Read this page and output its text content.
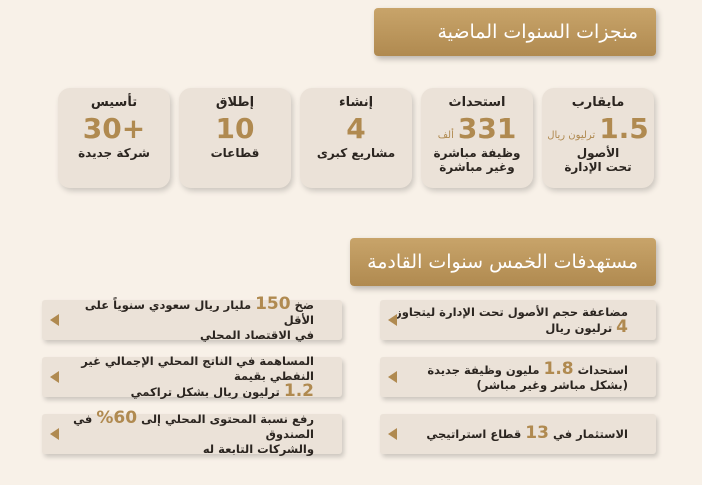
منجزات السنوات الماضية
مايقارب
1.5
ترليون ريال
الأصول
تحت الإدارة
استحداث
331
ألف
وظيفة مباشرة
وغير مباشرة
إنشاء
4
مشاريع كبرى
إطلاق
10
قطاعات
تأسيس
+30
شركة جديدة
مستهدفات الخمس سنوات القادمة
مضاعفة حجم الأصول تحت الإدارة ليتجاوز
4 ترليون ريال
استحداث 1.8 مليون وظيفة جديدة
(بشكل مباشر وغير مباشر)
الاستثمار في 13 قطاع استراتيجي
ضخ 150 مليار ريال سعودي سنوياً على الأقل
في الاقتصاد المحلي
المساهمة في الناتج المحلي الإجمالي غير النفطي بقيمة
1.2 ترليون ريال بشكل تراكمي
رفع نسبة المحتوى المحلي إلى 60% في الصندوق
والشركات التابعة له
